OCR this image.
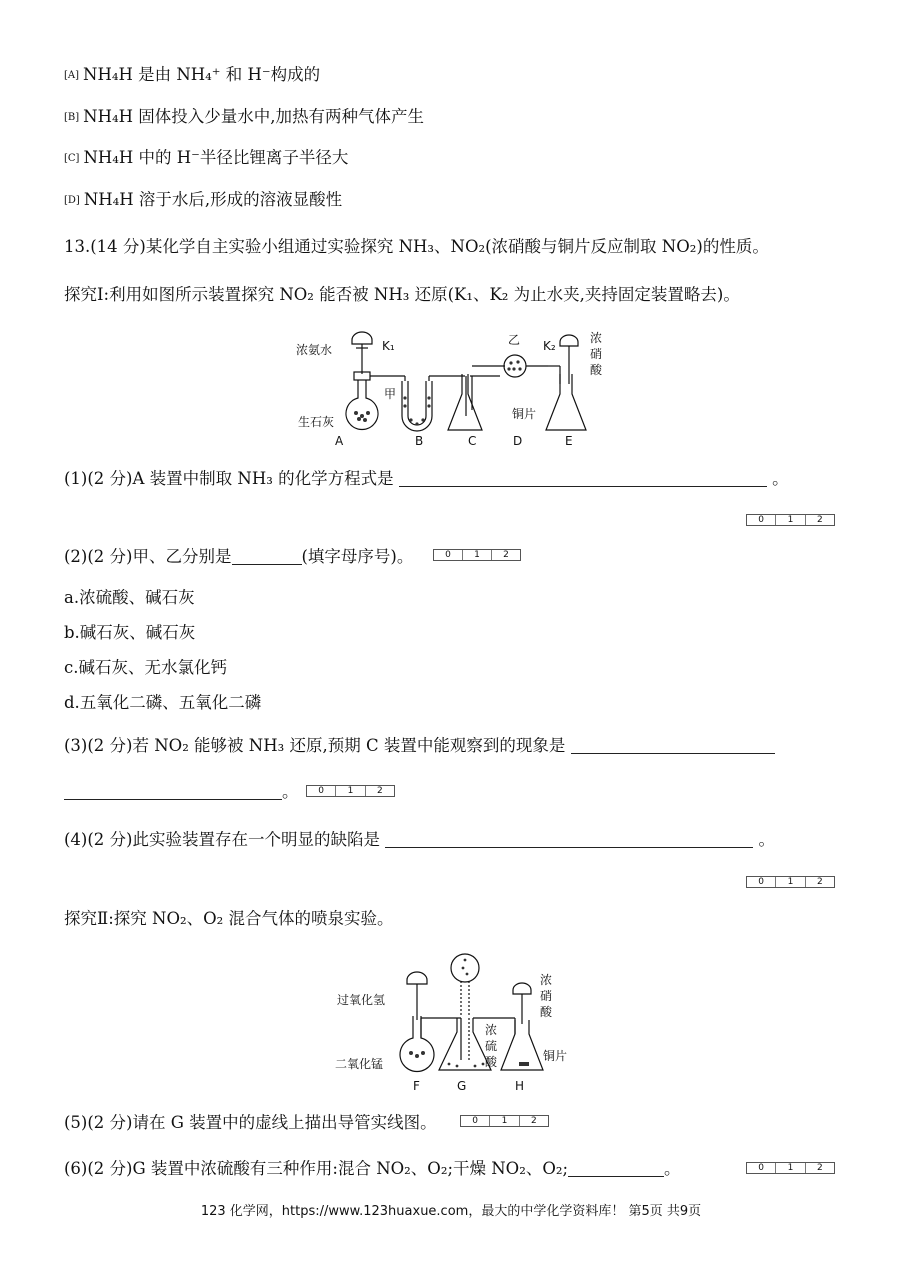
[A] NH₄H 是由 NH₄⁺ 和 H⁻构成的
[B] NH₄H 固体投入少量水中,加热有两种气体产生
[C] NH₄H 中的 H⁻半径比锂离子半径大
[D] NH₄H 溶于水后,形成的溶液显酸性
13.(14 分)某化学自主实验小组通过实验探究 NH₃、NO₂(浓硝酸与铜片反应制取 NO₂)的性质。
探究Ⅰ:利用如图所示装置探究 NO₂ 能否被 NH₃ 还原(K₁、K₂ 为止水夹,夹持固定装置略去)。
浓氨水	K₁
甲
乙 K₂
浓
硝
酸
生石灰
铜片
A	B	C	D	E
(1)(2 分)A 装置中制取 NH₃ 的化学方程式是	。
0	1	2
(2)(2 分)甲、乙分别是	(填字母序号)。	0	1	2
a.浓硫酸、碱石灰
b.碱石灰、碱石灰
c.碱石灰、无水氯化钙
d.五氧化二磷、五氧化二磷
(3)(2 分)若 NO₂ 能够被 NH₃ 还原,预期 C 装置中能观察到的现象是
。	0	1	2
(4)(2 分)此实验装置存在一个明显的缺陷是	。
0	1	2
探究Ⅱ:探究 NO₂、O₂ 混合气体的喷泉实验。
过氧化氢
二氧化锰
浓
硫
酸
浓
硝
酸
铜片
F	G	H
(5)(2 分)请在 G 装置中的虚线上描出导管实线图。	0	1	2
(6)(2 分)G 装置中浓硫酸有三种作用:混合 NO₂、O₂;干燥 NO₂、O₂;	。	0	1	2
123 化学网，https://www.123huaxue.com，最大的中学化学资料库！ 第5页 共9页
